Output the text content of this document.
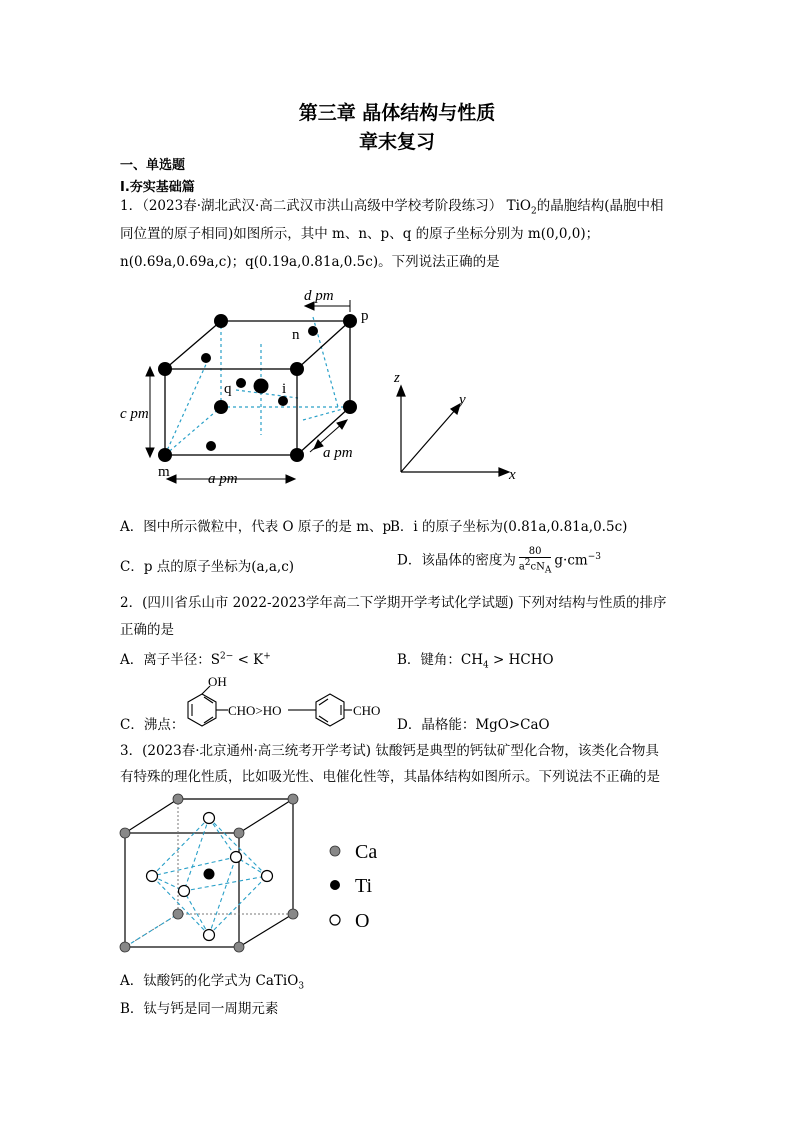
第三章 晶体结构与性质
章末复习
一、单选题
Ⅰ.夯实基础篇
1．（2023春·湖北武汉·高二武汉市洪山高级中学校考阶段练习） TiO$_2$的晶胞结构(晶胞中相
同位置的原子相同)如图所示，其中 m、n、p、q 的原子坐标分别为 m(0,0,0)；
n(0.69a,0.69a,c)；q(0.19a,0.81a,0.5c)。下列说法正确的是
d pm
n
p
q	i
c pm
m	a pm
a pm
z
y
x
A．图中所示微粒中，代表 O 原子的是 m、p
B．i 的原子坐标为(0.81a,0.81a,0.5c)
C．p 点的原子坐标为(a,a,c)	D．该晶体的密度为 $\frac{80}{a^2cN_A} g\cdot cm^{-3}$
2．(四川省乐山市 2022-2023学年高二下学期开学考试化学试题) 下列对结构与性质的排序
正确的是
A．离子半径：$S^{2-} < K^+$	B．键角：$CH_4$ > HCHO
C．沸点：
OH
CHO>HO	CHO
D．晶格能：MgO>CaO
3．(2023春·北京通州·高三统考开学考试) 钛酸钙是典型的钙钛矿型化合物，该类化合物具
有特殊的理化性质，比如吸光性、电催化性等，其晶体结构如图所示。下列说法不正确的是
Ca
Ti
O
A．钛酸钙的化学式为 CaTiO$_3$
B．钛与钙是同一周期元素
